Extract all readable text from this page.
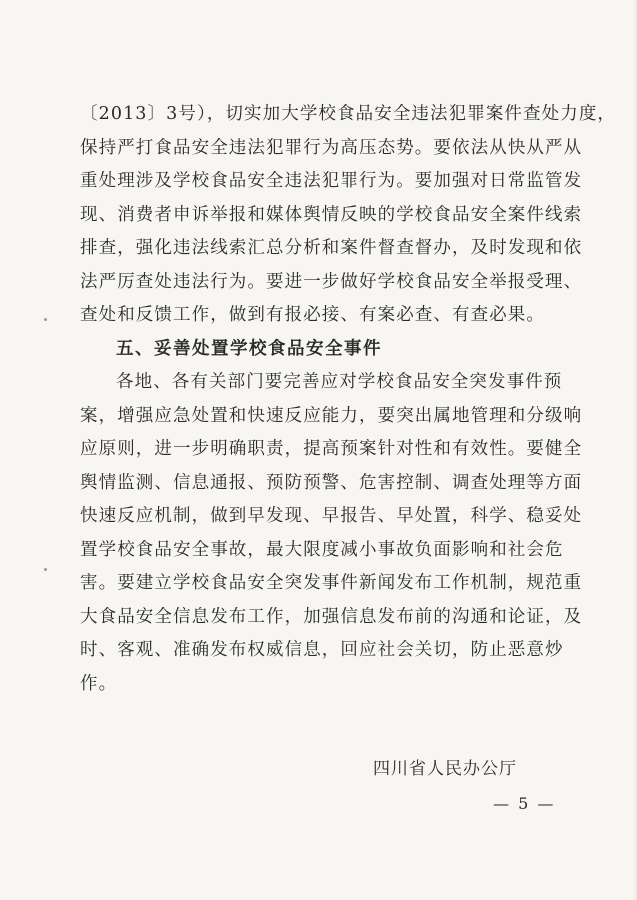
〔2013〕3号），切实加大学校食品安全违法犯罪案件查处力度，
保持严打食品安全违法犯罪行为高压态势。要依法从快从严从
重处理涉及学校食品安全违法犯罪行为。要加强对日常监管发
现、消费者申诉举报和媒体舆情反映的学校食品安全案件线索
排查，强化违法线索汇总分析和案件督查督办，及时发现和依
法严厉查处违法行为。要进一步做好学校食品安全举报受理、
查处和反馈工作，做到有报必接、有案必查、有查必果。
五、妥善处置学校食品安全事件
各地、各有关部门要完善应对学校食品安全突发事件预
案，增强应急处置和快速反应能力，要突出属地管理和分级响
应原则，进一步明确职责，提高预案针对性和有效性。要健全
舆情监测、信息通报、预防预警、危害控制、调查处理等方面
快速反应机制，做到早发现、早报告、早处置，科学、稳妥处
置学校食品安全事故，最大限度减小事故负面影响和社会危
害。要建立学校食品安全突发事件新闻发布工作机制，规范重
大食品安全信息发布工作，加强信息发布前的沟通和论证，及
时、客观、准确发布权威信息，回应社会关切，防止恶意炒
作。
四川省人民办公厅
— 5 —
